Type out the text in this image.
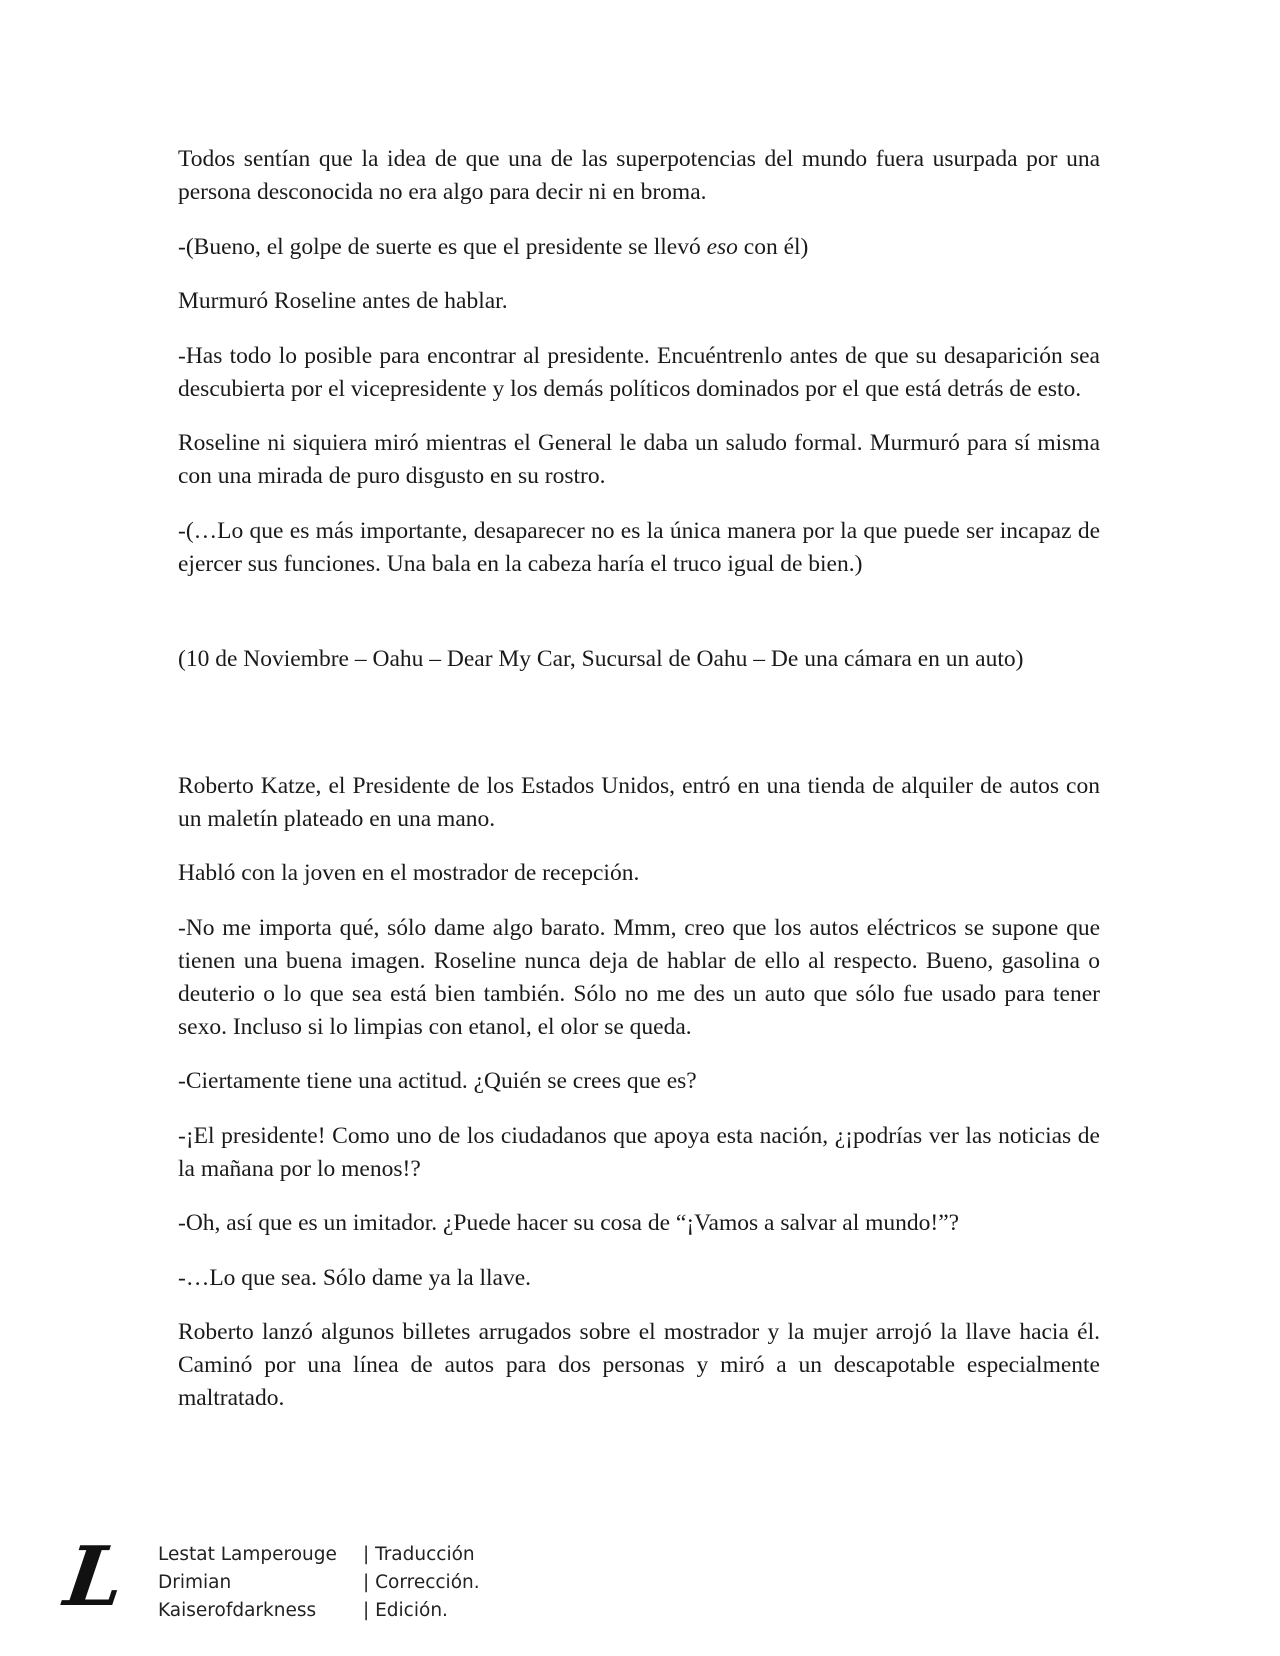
Todos sentían que la idea de que una de las superpotencias del mundo fuera usurpada por una persona desconocida no era algo para decir ni en broma.

-(Bueno, el golpe de suerte es que el presidente se llevó eso con él)

Murmuró Roseline antes de hablar.

-Has todo lo posible para encontrar al presidente. Encuéntrenlo antes de que su desaparición sea descubierta por el vicepresidente y los demás políticos dominados por el que está detrás de esto.

Roseline ni siquiera miró mientras el General le daba un saludo formal. Murmuró para sí misma con una mirada de puro disgusto en su rostro.

-(…Lo que es más importante, desaparecer no es la única manera por la que puede ser incapaz de ejercer sus funciones. Una bala en la cabeza haría el truco igual de bien.)

(10 de Noviembre – Oahu – Dear My Car, Sucursal de Oahu – De una cámara en un auto)

Roberto Katze, el Presidente de los Estados Unidos, entró en una tienda de alquiler de autos con un maletín plateado en una mano.

Habló con la joven en el mostrador de recepción.

-No me importa qué, sólo dame algo barato. Mmm, creo que los autos eléctricos se supone que tienen una buena imagen. Roseline nunca deja de hablar de ello al respecto. Bueno, gasolina o deuterio o lo que sea está bien también. Sólo no me des un auto que sólo fue usado para tener sexo. Incluso si lo limpias con etanol, el olor se queda.

-Ciertamente tiene una actitud. ¿Quién se crees que es?

-¡El presidente! Como uno de los ciudadanos que apoya esta nación, ¿¡podrías ver las noticias de la mañana por lo menos!?

-Oh, así que es un imitador. ¿Puede hacer su cosa de “¡Vamos a salvar al mundo!”?

-…Lo que sea. Sólo dame ya la llave.

Roberto lanzó algunos billetes arrugados sobre el mostrador y la mujer arrojó la llave hacia él. Caminó por una línea de autos para dos personas y miró a un descapotable especialmente maltratado.

L	Lestat Lamperouge	| Traducción
Drimian	| Corrección.
Kaiserofdarkness	| Edición.
